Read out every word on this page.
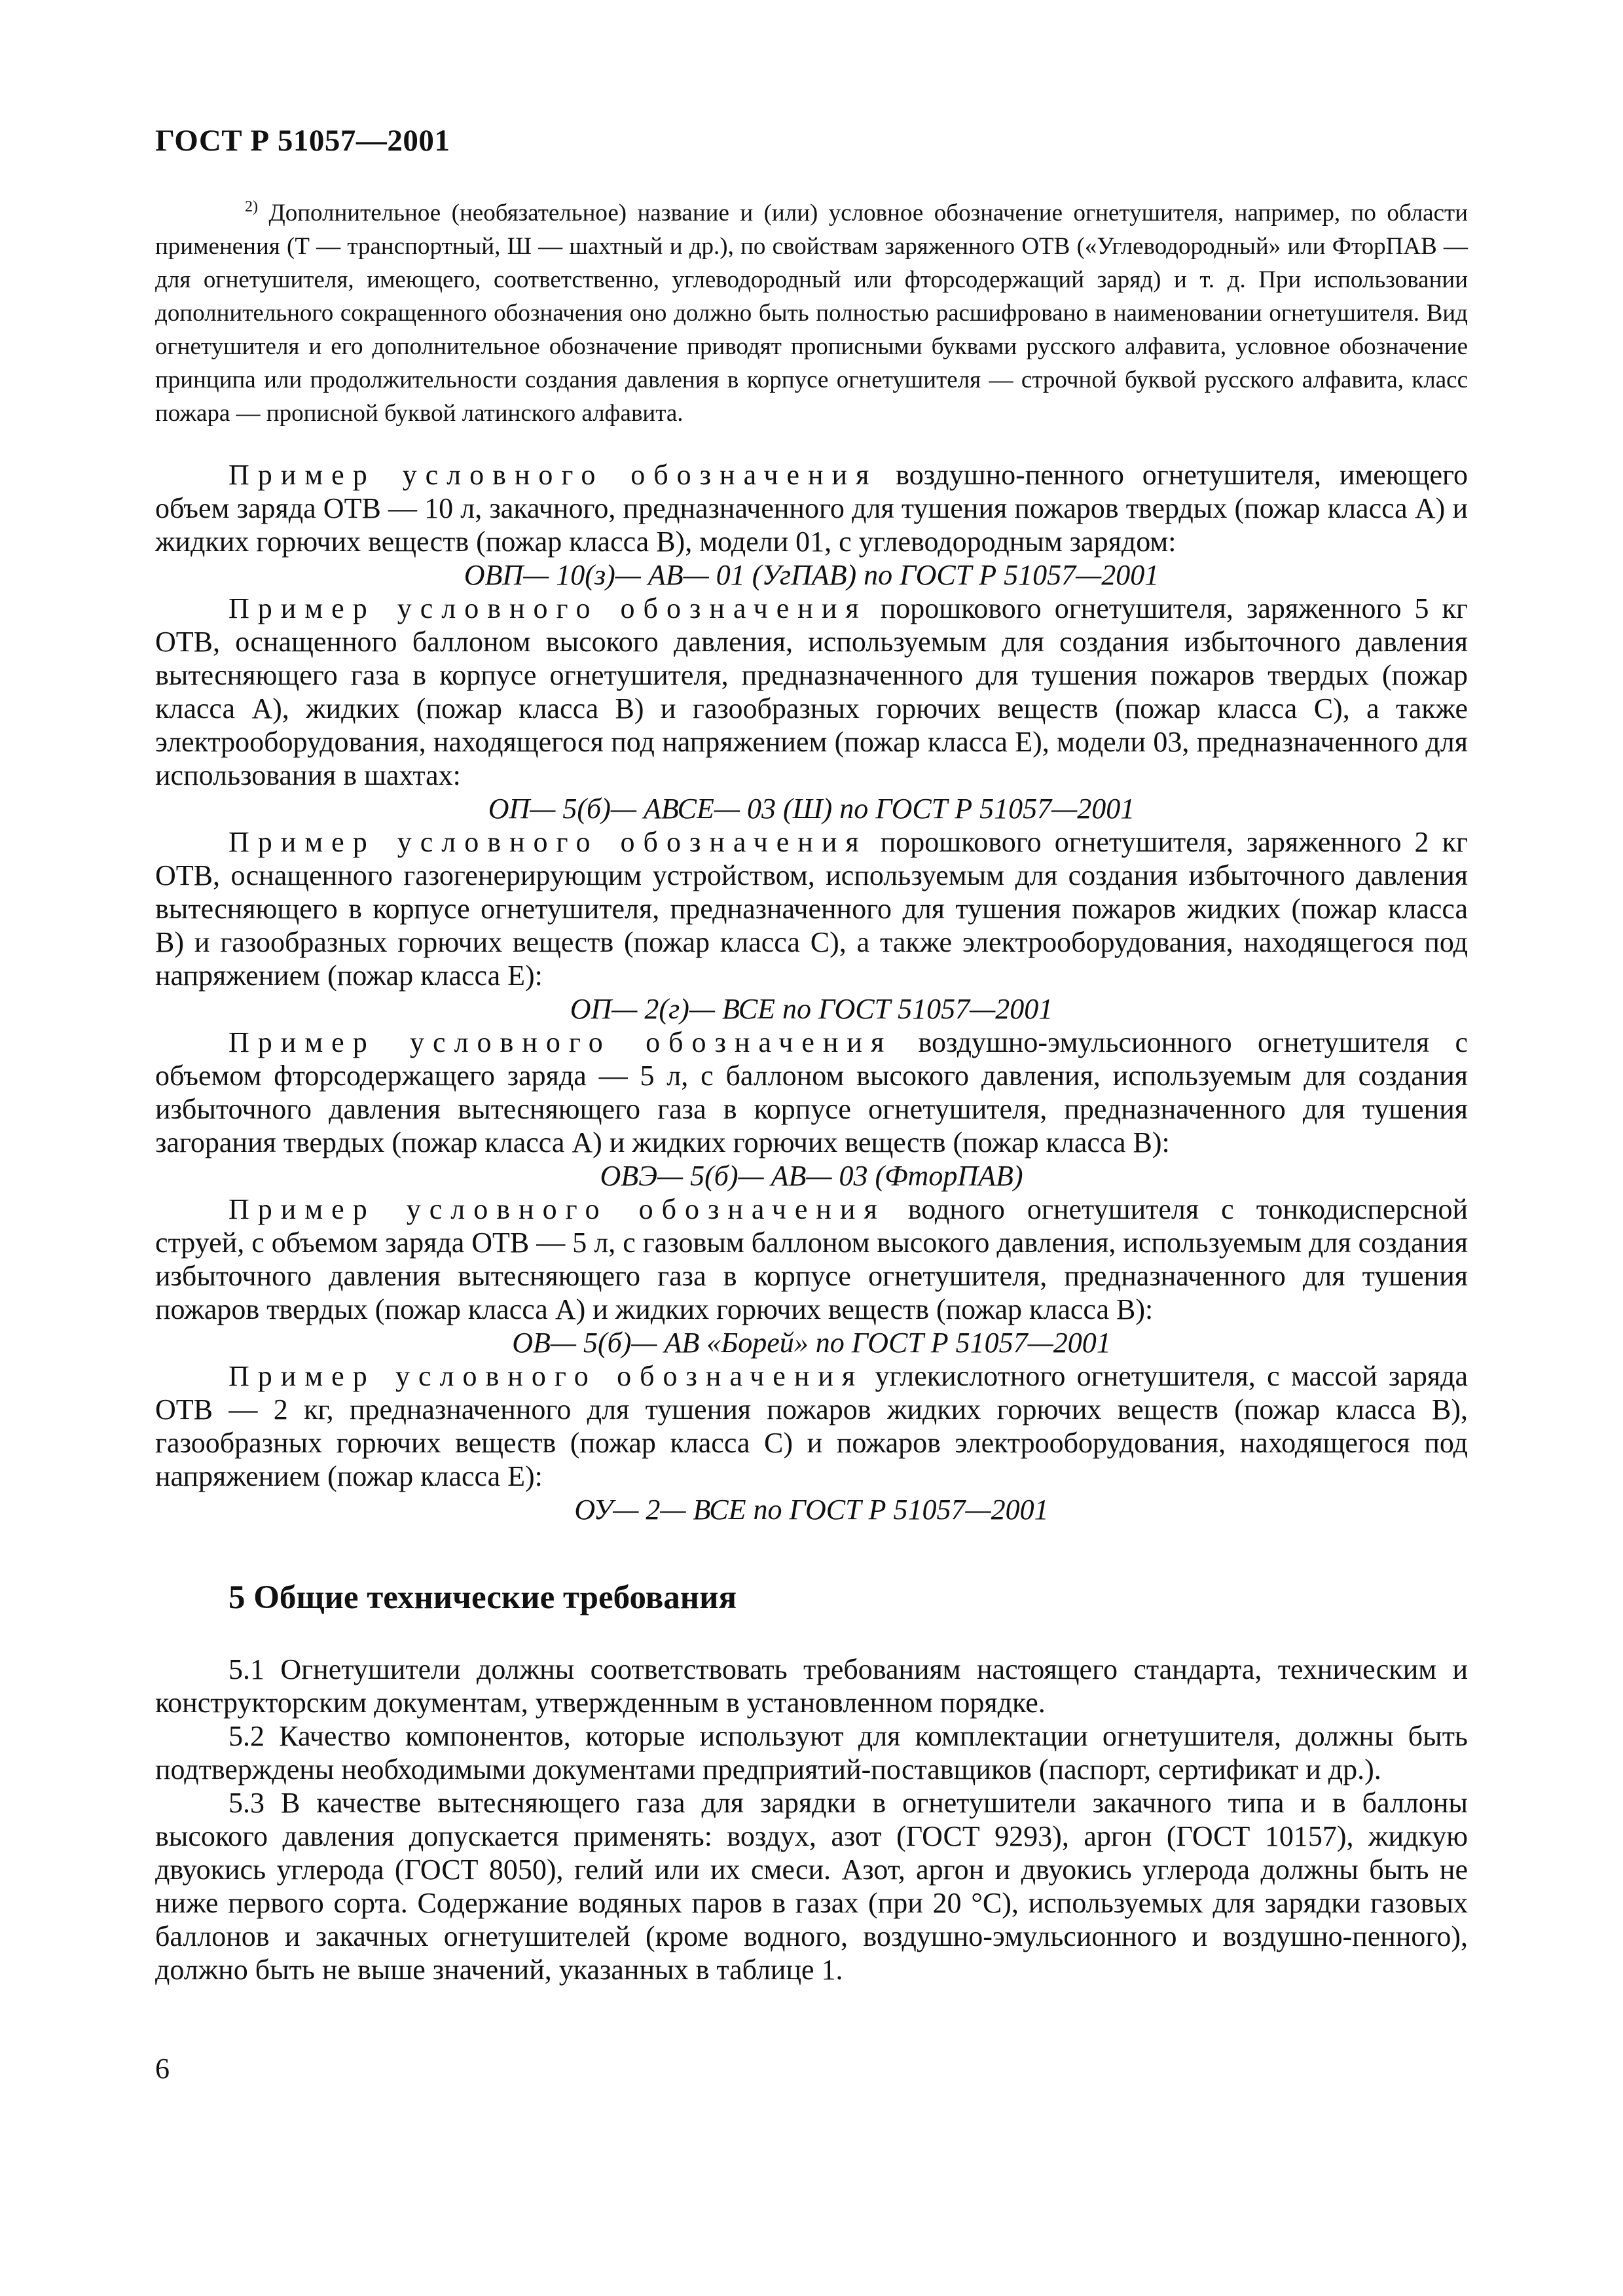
ГОСТ Р 51057—2001

$^{2)}$ Дополнительное (необязательное) название и (или) условное обозначение огнетушителя, например, по области применения (Т — транспортный, Ш — шахтный и др.), по свойствам заряженного ОТВ («Углеводородный» или ФторПАВ — для огнетушителя, имеющего, соответственно, углеводородный или фторсодержащий заряд) и т. д. При использовании дополнительного сокращенного обозначения оно должно быть полностью расшифровано в наименовании огнетушителя. Вид огнетушителя и его дополнительное обозначение приводят прописными буквами русского алфавита, условное обозначение принципа или продолжительности создания давления в корпусе огнетушителя — строчной буквой русского алфавита, класс пожара — прописной буквой латинского алфавита.

Пример условного обозначения воздушно-пенного огнетушителя, имеющего объем заряда ОТВ — 10 л, закачного, предназначенного для тушения пожаров твердых (пожар класса А) и жидких горючих веществ (пожар класса В), модели 01, с углеводородным зарядом:

ОВП— 10(з)— АВ— 01 (УгПАВ) по ГОСТ Р 51057—2001

Пример условного обозначения порошкового огнетушителя, заряженного 5 кг ОТВ, оснащенного баллоном высокого давления, используемым для создания избыточного давления вытесняющего газа в корпусе огнетушителя, предназначенного для тушения пожаров твердых (пожар класса А), жидких (пожар класса В) и газообразных горючих веществ (пожар класса С), а также электрооборудования, находящегося под напряжением (пожар класса Е), модели 03, предназначенного для использования в шахтах:

ОП— 5(б)— АВСЕ— 03 (Ш) по ГОСТ Р 51057—2001

Пример условного обозначения порошкового огнетушителя, заряженного 2 кг ОТВ, оснащенного газогенерирующим устройством, используемым для создания избыточного давления вытесняющего в корпусе огнетушителя, предназначенного для тушения пожаров жидких (пожар класса В) и газообразных горючих веществ (пожар класса С), а также электрооборудования, находящегося под напряжением (пожар класса Е):

ОП— 2(г)— ВСЕ по ГОСТ 51057—2001

Пример условного обозначения воздушно-эмульсионного огнетушителя с объемом фторсодержащего заряда — 5 л, с баллоном высокого давления, используемым для создания избыточного давления вытесняющего газа в корпусе огнетушителя, предназначенного для тушения загорания твердых (пожар класса А) и жидких горючих веществ (пожар класса В):

ОВЭ— 5(б)— АВ— 03 (ФторПАВ)

Пример условного обозначения водного огнетушителя с тонкодисперсной струей, с объемом заряда ОТВ — 5 л, с газовым баллоном высокого давления, используемым для создания избыточного давления вытесняющего газа в корпусе огнетушителя, предназначенного для тушения пожаров твердых (пожар класса А) и жидких горючих веществ (пожар класса В):

ОВ— 5(б)— АВ «Борей» по ГОСТ Р 51057—2001

Пример условного обозначения углекислотного огнетушителя, с массой заряда ОТВ — 2 кг, предназначенного для тушения пожаров жидких горючих веществ (пожар класса В), газообразных горючих веществ (пожар класса С) и пожаров электрооборудования, находящегося под напряжением (пожар класса Е):

ОУ— 2— ВСЕ по ГОСТ Р 51057—2001

5 Общие технические требования

5.1 Огнетушители должны соответствовать требованиям настоящего стандарта, техническим и конструкторским документам, утвержденным в установленном порядке.

5.2 Качество компонентов, которые используют для комплектации огнетушителя, должны быть подтверждены необходимыми документами предприятий-поставщиков (паспорт, сертификат и др.).

5.3 В качестве вытесняющего газа для зарядки в огнетушители закачного типа и в баллоны высокого давления допускается применять: воздух, азот (ГОСТ 9293), аргон (ГОСТ 10157), жидкую двуокись углерода (ГОСТ 8050), гелий или их смеси. Азот, аргон и двуокись углерода должны быть не ниже первого сорта. Содержание водяных паров в газах (при 20 °С), используемых для зарядки газовых баллонов и закачных огнетушителей (кроме водного, воздушно-эмульсионного и воздушно-пенного), должно быть не выше значений, указанных в таблице 1.

6
